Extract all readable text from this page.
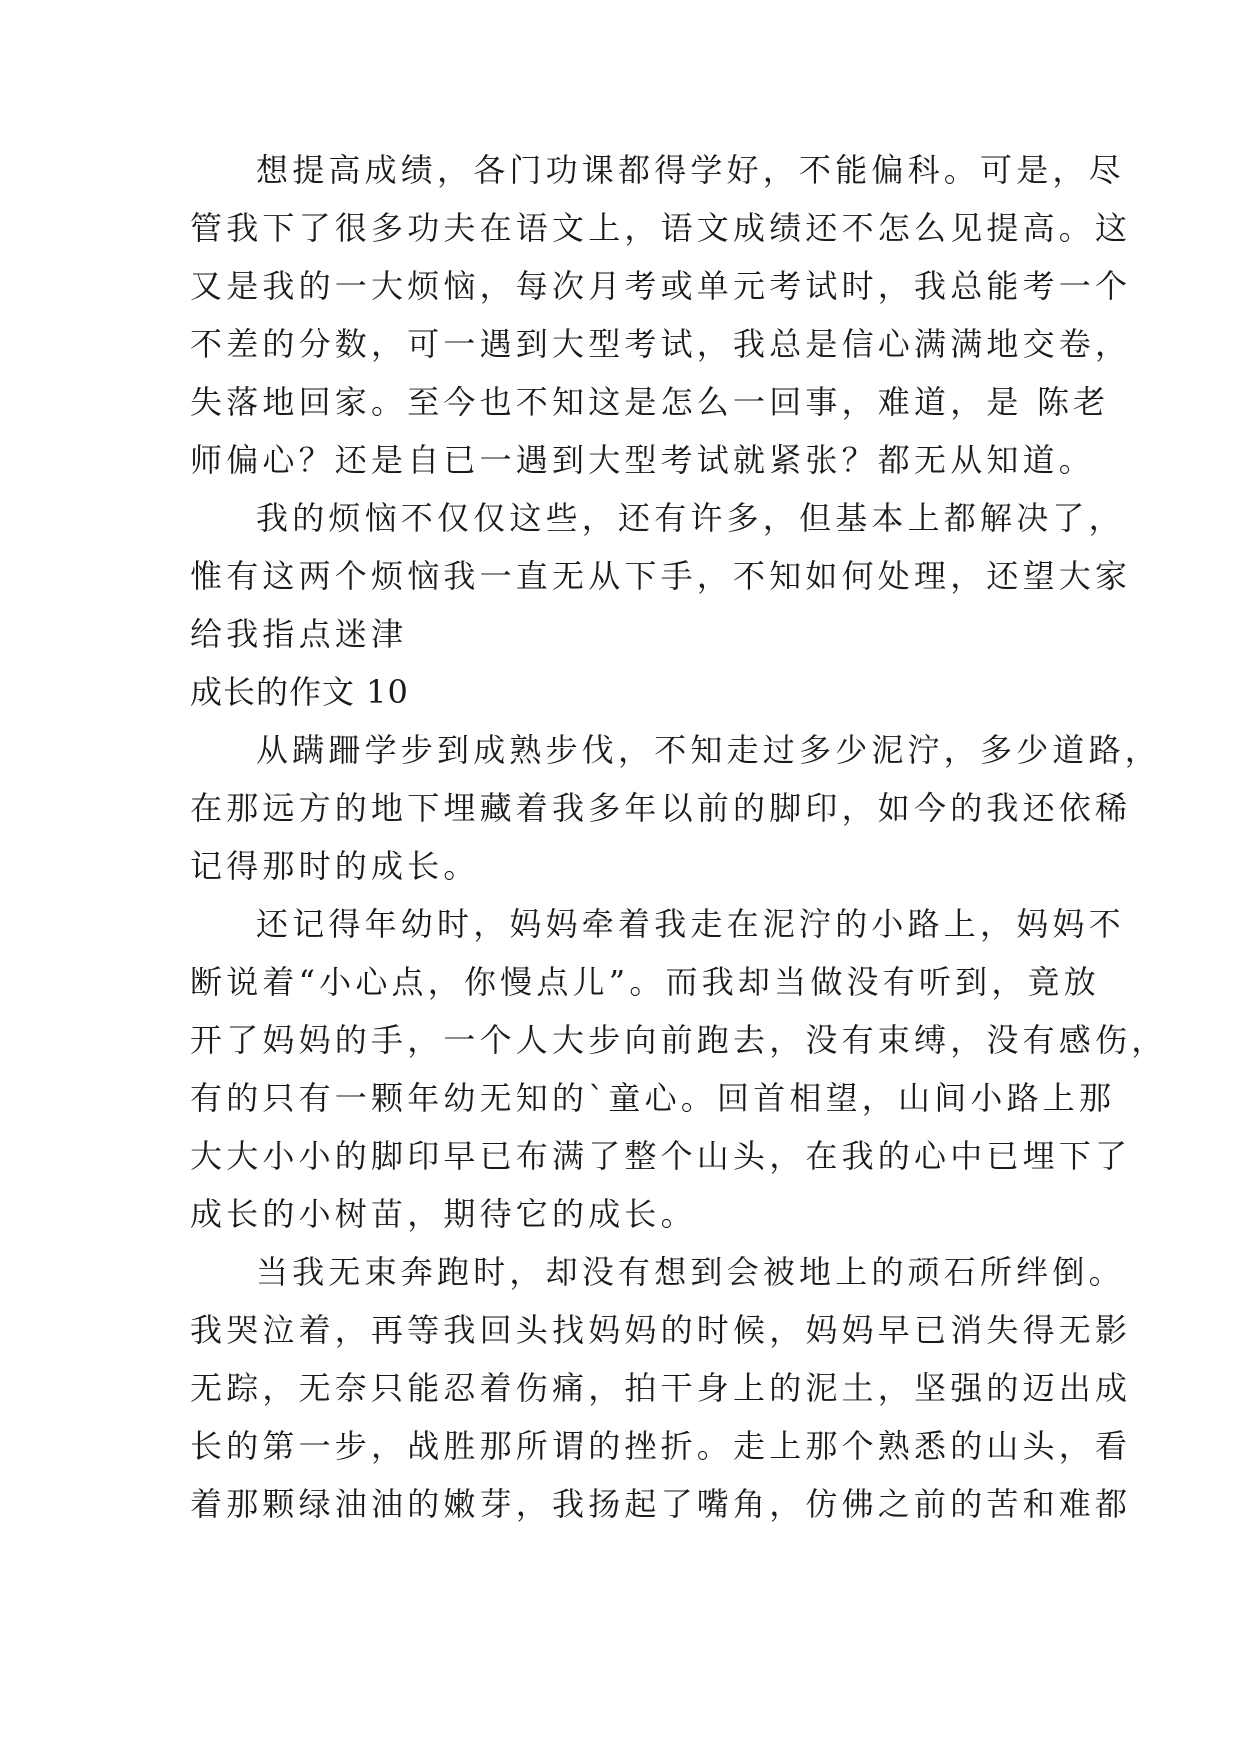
想提高成绩，各门功课都得学好，不能偏科。可是，尽
管我下了很多功夫在语文上，语文成绩还不怎么见提高。这
又是我的一大烦恼，每次月考或单元考试时，我总能考一个
不差的分数，可一遇到大型考试，我总是信心满满地交卷，
失落地回家。至今也不知这是怎么一回事，难道，是 陈老
师偏心？还是自已一遇到大型考试就紧张？都无从知道。
我的烦恼不仅仅这些，还有许多，但基本上都解决了，
惟有这两个烦恼我一直无从下手，不知如何处理，还望大家
给我指点迷津
成长的作文 10
从蹒跚学步到成熟步伐，不知走过多少泥泞，多少道路，
在那远方的地下埋藏着我多年以前的脚印，如今的我还依稀
记得那时的成长。
还记得年幼时，妈妈牵着我走在泥泞的小路上，妈妈不
断说着“小心点，你慢点儿”。而我却当做没有听到，竟放
开了妈妈的手，一个人大步向前跑去，没有束缚，没有感伤，
有的只有一颗年幼无知的`童心。回首相望，山间小路上那
大大小小的脚印早已布满了整个山头，在我的心中已埋下了
成长的小树苗，期待它的成长。
当我无束奔跑时，却没有想到会被地上的顽石所绊倒。
我哭泣着，再等我回头找妈妈的时候，妈妈早已消失得无影
无踪，无奈只能忍着伤痛，拍干身上的泥土，坚强的迈出成
长的第一步，战胜那所谓的挫折。走上那个熟悉的山头，看
着那颗绿油油的嫩芽，我扬起了嘴角，仿佛之前的苦和难都
